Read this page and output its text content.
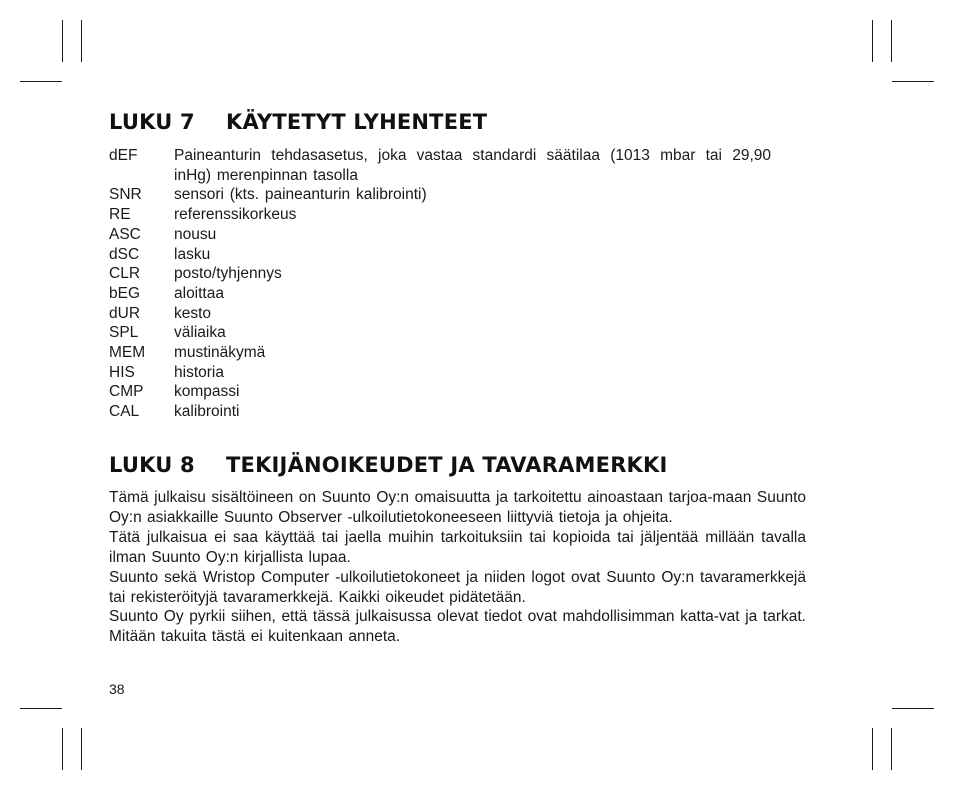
LUKU 7 KÄYTETYT LYHENTEET
dEF	Paineanturin tehdasasetus, joka vastaa standardi säätilaa (1013 mbar tai 29,90 inHg) merenpinnan tasolla
SNR	sensori (kts. paineanturin kalibrointi)
RE	referenssikorkeus
ASC	nousu
dSC	lasku
CLR	posto/tyhjennys
bEG	aloittaa
dUR	kesto
SPL	väliaika
MEM	mustinäkymä
HIS	historia
CMP	kompassi
CAL	kalibrointi
LUKU 8 TEKIJÄNOIKEUDET JA TAVARAMERKKI

Tämä julkaisu sisältöineen on Suunto Oy:n omaisuutta ja tarkoitettu ainoastaan tarjoa-maan Suunto Oy:n asiakkaille Suunto Observer -ulkoilutietokoneeseen liittyviä tietoja ja ohjeita.

Tätä julkaisua ei saa käyttää tai jaella muihin tarkoituksiin tai kopioida tai jäljentää millään tavalla ilman Suunto Oy:n kirjallista lupaa.

Suunto sekä Wristop Computer -ulkoilutietokoneet ja niiden logot ovat Suunto Oy:n tavaramerkkejä tai rekisteröityjä tavaramerkkejä. Kaikki oikeudet pidätetään.

Suunto Oy pyrkii siihen, että tässä julkaisussa olevat tiedot ovat mahdollisimman katta-vat ja tarkat. Mitään takuita tästä ei kuitenkaan anneta.

38
